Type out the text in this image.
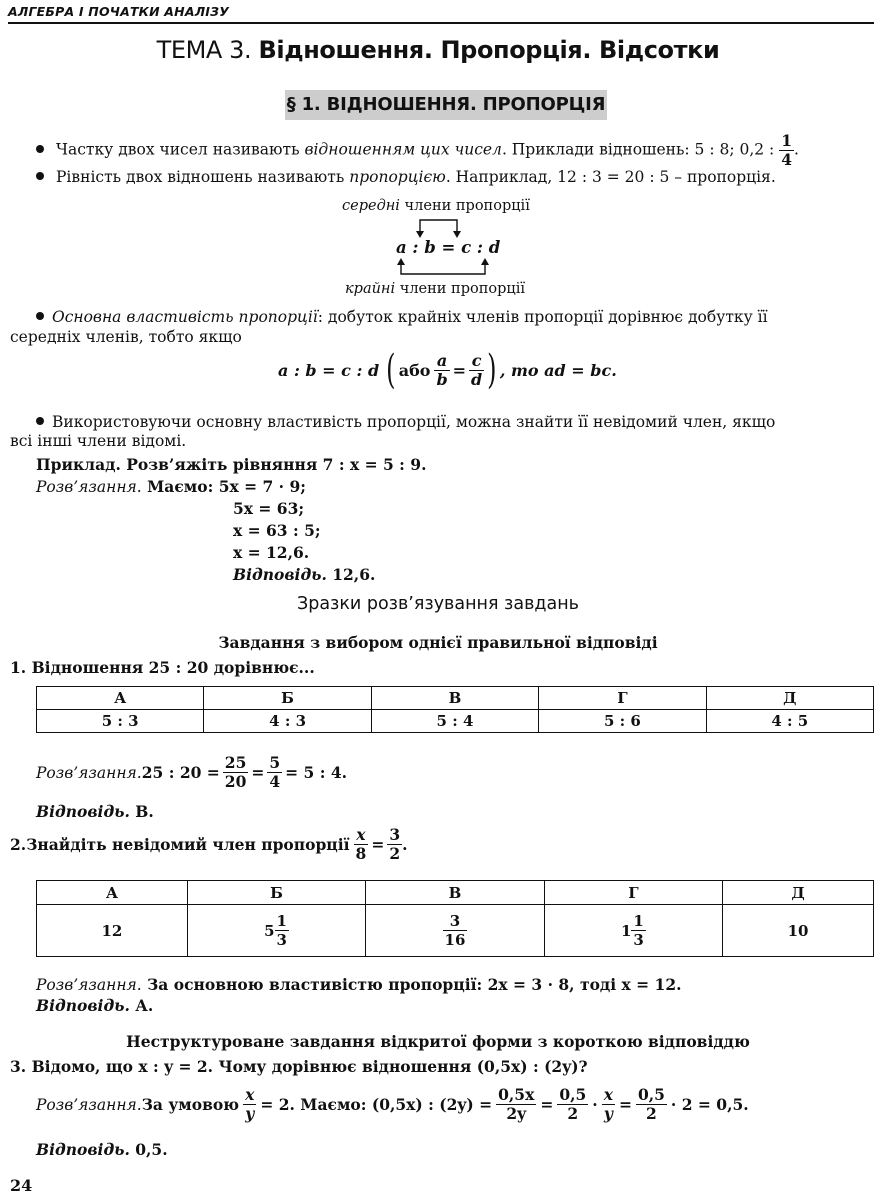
АЛГЕБРА І ПОЧАТКИ АНАЛІЗУ
ТЕМА 3. Відношення. Пропорція. Відсотки
§ 1. ВІДНОШЕННЯ. ПРОПОРЦІЯ
Частку двох чисел називають відношенням цих чисел. Приклади відношень: 5 : 8; 0,2 : $\frac{1}{4}$ .
Рівність двох відношень називають пропорцією. Наприклад, 12 : 3 = 20 : 5 – пропорція.
середні члени пропорції
a : b = c : d
крайні члени пропорції
Основна властивість пропорції: добуток крайніх членів пропорції дорівнює добутку її
середніх членів, тобто якщо
a : b = c : d ( або $\frac{a}{b} = \frac{c}{d}$ ) , то ad = bc.
Використовуючи основну властивість пропорції, можна знайти її невідомий член, якщо
всі інші члени відомі.
Приклад. Розв’яжіть рівняння 7 : x = 5 : 9.
Розв’язання. Маємо: 5x = 7 · 9;
5x = 63;
x = 63 : 5;
x = 12,6.
Відповідь. 12,6.
Зразки розв’язування завдань
Завдання з вибором однієї правильної відповіді
1. Відношення 25 : 20 дорівнює...
А	Б	В	Г	Д
5 : 3	4 : 3	5 : 4	5 : 6	4 : 5
Розв’язання. 25 : $20 = \frac{25}{20} = \frac{5}{4} = 5$ : 4.
Відповідь. В.
2. Знайдіть невідомий член пропорції $\frac{x}{8} = \frac{3}{2}$ .
А	Б	В	Г	Д
12	$5 \frac{1}{3}$	$\frac{3}{16}$	$1 \frac{1}{3}$	10
Розв’язання. За основною властивістю пропорції: 2x = 3 · 8, тоді x = 12.
Відповідь. А.
Неструктуроване завдання відкритої форми з короткою відповіддю
3. Відомо, що x : y = 2. Чому дорівнює відношення (0,5x) : (2y)?
Розв’язання. За умовою $\frac{x}{y} = 2$. Маємо: (0,5x) : $(2y) = \frac{0,5x}{2y} = \frac{0,5}{2} \cdot \frac{x}{y} = \frac{0,5}{2} \cdot 2 = 0,5$.
Відповідь. 0,5.
24
